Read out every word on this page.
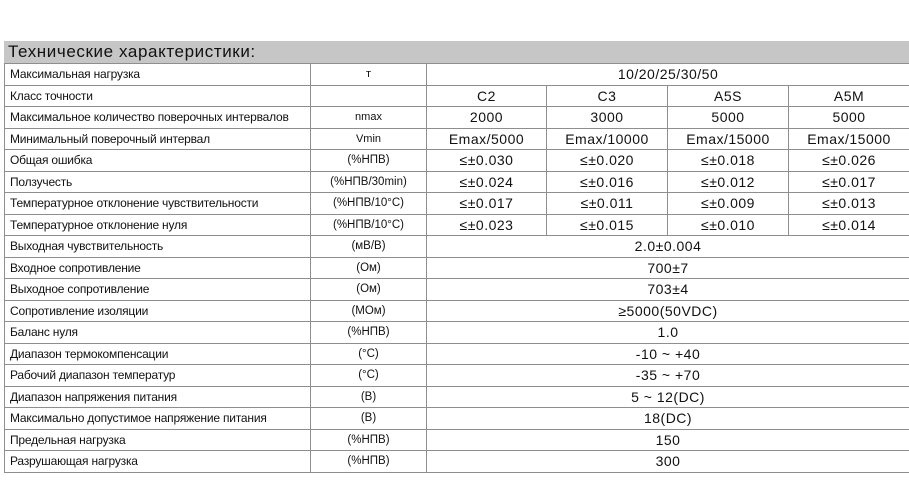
Технические характеристики:
Максимальная нагрузка	т	10/20/25/30/50			
Класс точности		C2	C3	A5S	A5M
Максимальное количество поверочных интервалов	nmax	2000	3000	5000	5000
Минимальный поверочный интервал	Vmin	Emax/5000	Emax/10000	Emax/15000	Emax/15000
Общая ошибка	(%НПВ)	≤±0.030	≤±0.020	≤±0.018	≤±0.026
Ползучесть	(%НПВ/30min)	≤±0.024	≤±0.016	≤±0.012	≤±0.017
Температурное отклонение чувствительности	(%НПВ/10°C)	≤±0.017	≤±0.011	≤±0.009	≤±0.013
Температурное отклонение нуля	(%НПВ/10°C)	≤±0.023	≤±0.015	≤±0.010	≤±0.014
Выходная чувствительность	(мВ/В)	2.0±0.004			
Входное сопротивление	(Ом)	700±7			
Выходное сопротивление	(Ом)	703±4			
Сопротивление изоляции	(МОм)	≥5000(50VDC)			
Баланс нуля	(%НПВ)	1.0			
Диапазон термокомпенсации	(°C)	-10 ~ +40			
Рабочий диапазон температур	(°C)	-35 ~ +70			
Диапазон напряжения питания	(B)	5 ~ 12(DC)			
Максимально допустимое напряжение питания	(B)	18(DC)			
Предельная нагрузка	(%НПВ)	150			
Разрушающая нагрузка	(%НПВ)	300			
